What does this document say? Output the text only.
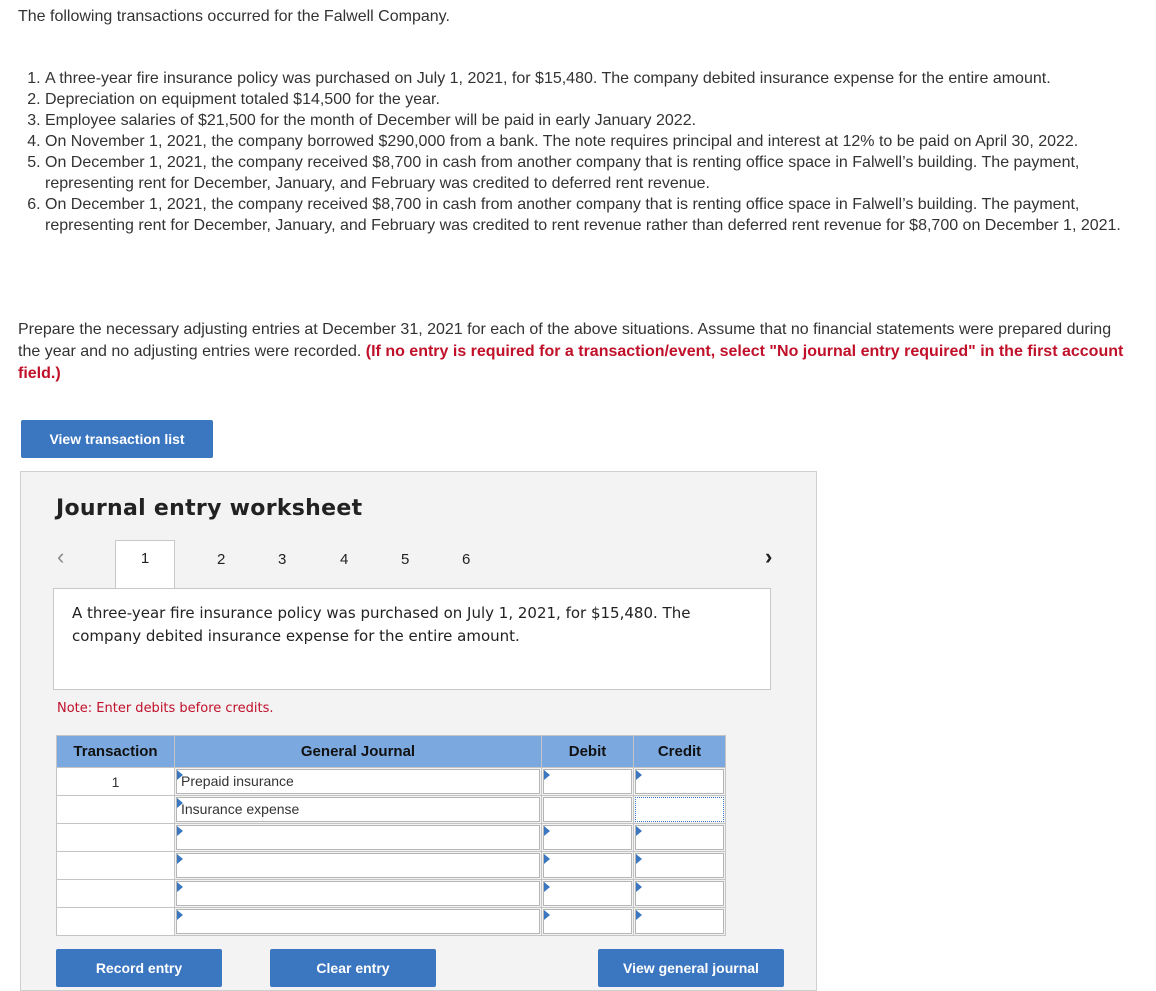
The following transactions occurred for the Falwell Company.
1. A three-year fire insurance policy was purchased on July 1, 2021, for $15,480. The company debited insurance expense for the entire amount.
2. Depreciation on equipment totaled $14,500 for the year.
3. Employee salaries of $21,500 for the month of December will be paid in early January 2022.
4. On November 1, 2021, the company borrowed $290,000 from a bank. The note requires principal and interest at 12% to be paid on April 30, 2022.
5. On December 1, 2021, the company received $8,700 in cash from another company that is renting office space in Falwell’s building. The payment, representing rent for December, January, and February was credited to deferred rent revenue.
6. On December 1, 2021, the company received $8,700 in cash from another company that is renting office space in Falwell’s building. The payment, representing rent for December, January, and February was credited to rent revenue rather than deferred rent revenue for $8,700 on December 1, 2021.
Prepare the necessary adjusting entries at December 31, 2021 for each of the above situations. Assume that no financial statements were prepared during the year and no adjusting entries were recorded. (If no entry is required for a transaction/event, select "No journal entry required" in the first account field.)
View transaction list
Journal entry worksheet
‹	1	2	3	4	5	6	›
A three-year fire insurance policy was purchased on July 1, 2021, for $15,480. The company debited insurance expense for the entire amount.
Note: Enter debits before credits.
Transaction	General Journal	Debit	Credit
1	Prepaid insurance		

	Insurance expense		

Record entry	Clear entry	View general journal
